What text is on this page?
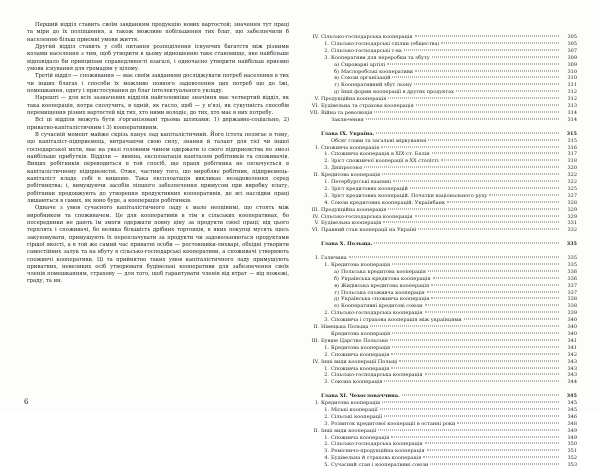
Перший відділ ставить своїм завданням продукцію нових вартостей; значення тут праці та міри до їх поліпшення, а також можливе побільшення тих благ, що забезпечили б населенню більш приємні умови життя.

Другий відділ ставить у собі питання розподілення існуючих багатств між різними колами населення з тим, щоб утворити в цьому відношенню таке становище, яке найбільше відповідало би принципам справедливості взагалі, і одночасно утворити найбільш приємні умови існування для громадян у цілому.

Третій відділ — споживання — має своїм завданням досліджувати потреб населення в тих чи інших благах і способи їх можливо повного задоволення цих потреб що до їжі, помешкання, одягу і пристосування до благ інтелектуального укладу.

Нарешті — для всіх зазначених відділів найголовніше значіння має четвертий відділ, як така кооперація, котра сполучить, в одній, як гасло, щоб — у в'язі, як сукупність способів перемищення різних вартостей від тих, хто ними володіє, до тих, хто має в них потребу.

Всі ці відділи можуть бути з'організовані трьома шляхами: 1) державно-соціально, 2) приватно-капіталістичним і 3) кооперативним.

В сучасній момент майже скрізь панує лад капіталістичний. Його істота полягає в тому, що капіталіст-підприємець, витрачаючи свою силу, знання й талант для тієї чи іншої господарської мети, має на увазі головним чином одержати із свого підприємства по змозі найбільше прибутків. Відділи — виміна, експлоатація капіталом робітників та споживачів. Вищих робітників переводиться в той спосіб, що праця робітника не оплачується в капіталістичному підприємстві. Отже, частину того, що виробляє робітник, підприємець-капіталіст кладе собі в кишеню. Така експлоатація викликає незадоволення серед робітництва; і, вимушуючи засобів ліпшого забезпечення примусом при виробку плату, робітники продовжують до утворення продуктивних кооперативів, де всі наслідки праці лишаються в самих, як воно буде, а кооперація робітників.

Одначе з умов сучасного капіталістичного ладу є мало неоцінимі, що стоять між виробником та споживачем. Це для кооперативів в тім в сільських кооперативах, бо посередники не дають їм змоги одержати повну ціну за продукти своєї праці; від цього терплять і споживачі, бо велика більшість дрібних торговців, в яких покупці мусять щось закуповувати, примушують їх переплачувати за продукти чи задовольняються продуктами гіршої якості, а в той же самий час приватні особи — ростовщики-лихварі, обхідні утворити самостійних залук та на вбуту в сільсько-господарські кооперативи, а споживачі утворюють споживчі кооперативи. Ці та прийнятно таких умов капіталістичного ладу примушують приватних, невеликих осіб утворювати будівельні кооперативи для забезпечення своїх членів помешканням, страхову — для того, щоб гарантувати членів від втрат — від пожежі, граду, та ин.

6
IV. Сільсько-господарська кооперація	305
1. Сільсько-господарські спілки (общества)	305
2. Сільсько-господарські т-ва	307
3. Кооперативи для переробки та збуту	309
a) Сироварні артілі	309
б) Маслоробські кооперативи	310
в) Союзи організацій	310
г) Кооперативний збут льону	311
д) Інші форми кооперації в других продуктах	312
V. Продукційна кооперація	312
VI. Будівельна та страхова кооперація	313
VII. Війна та революція	314
Заключення	314
Глава IX. Україна.	315
Обсяг глави та загальні міркування	315
I. Споживча кооперація	316
1. Споживча кооперація в XIX ст. Балін	317
2. Зріст споживчої кооперації в XX столітті	318
3. Дніпросоюз	320
II. Кредитова кооперація	322
1. Петербургські взаємні	322
2. Зріст кредитових кооперацій	325
3. Зріст кредитових кооперацій. Початки національного руху	327
4. Союзи кредитових кооперацій. Українбанк	328
III. Продукційна кооперація	329
IV. Сільсько-господарська кооперація	329
V. Будівельна кооперація	331
VI. Правний стан кооперації на Україні	332
Глава X. Польща.	335
I. Галичина	335
1. Кредитова кооперація	335
a) Польська кредитова кооперація	336
б) Українська кредитова кооперація	336
в) Жидівська кредитова кооперація	337
г) Польська споживча кооперація	337
д) Українська споживча кооперація	338
е) Кооперативні кредитові союзи	338
2. Сільсько-господарська кооперація	339
3. Споживча і страхова кооперація між українцями	340
II. Німецька Польща	340
Кредитова кооперація	340
III. Бувше Царство Польське	341
1. Кредитова кооперація	341
2. Споживча кооперація	342
IV. Інші види кооперації Польщі	343
1. Споживча кооперація	343
2. Сільсько-господарська кооперація	343
3. Союзна кооперація	344
Глава XI. Чехословаччина.	345
I. Кредитова кооперація	345
1. Міські кооперації	345
2. Сільські кооперації	346
3. Розвиток кредитової кооперації в останні роки	348
II. Інші види кооперації	349
1. Споживча кооперація	349
2. Сільсько-господарська кооперація	350
3. Ремісничо-продукційна кооперація	351
4. Будівельна й страхова кооперація	352
5. Сучасний стан і кооперативні союзи	353
